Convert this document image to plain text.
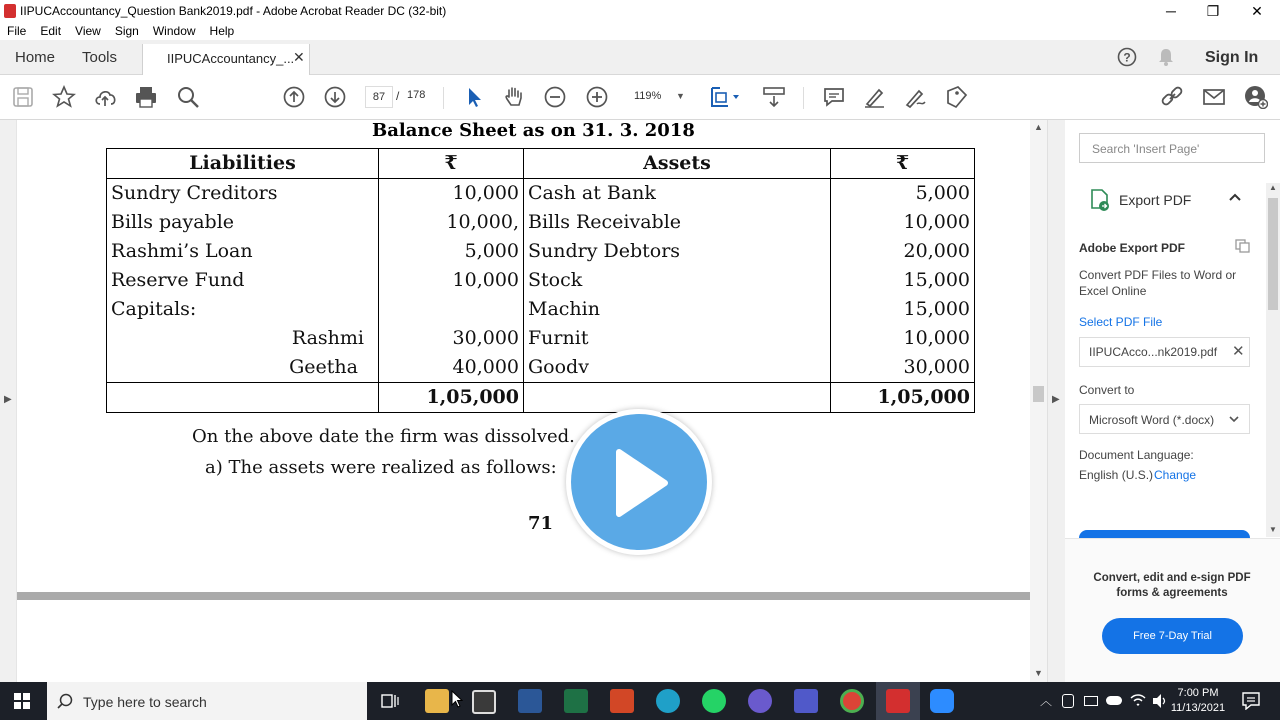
IIPUCAccountancy_Question Bank2019.pdf - Adobe Acrobat Reader DC (32-bit)	─	❐	✕
File Edit View Sign Window Help
Home Tools	IIPUCAccountancy_...
✕	?	Sign In
87 / 178	119% ▼
▶
Balance Sheet as on 31. 3. 2018
Liabilities	₹	Assets	₹
Sundry Creditors	10,000	Cash at Bank	5,000
Bills payable	10,000,	Bills Receivable	10,000
Rashmi’s Loan	5,000	Sundry Debtors	20,000
Reserve Fund	10,000	Stock	15,000
Capitals:		Machin	15,000
Rashmi	30,000	Furnit	10,000
Geetha	40,000	Goodv	30,000
	1,05,000		1,05,000
On the above date the firm was dissolved.
a) The assets were realized as follows:
71
▲
▼
▶
Search 'Insert Page'
Export PDF
Adobe Export PDF
Convert PDF Files to Word or Excel Online
Select PDF File
IIPUCAcco...nk2019.pdf ✕
Convert to
Microsoft Word (*.docx)
Document Language:
English (U.S.) Change
Convert, edit and e-sign PDF forms & agreements
Free 7-Day Trial
▲
▼
Type here to search	︿
7:00 PM
11/13/2021
